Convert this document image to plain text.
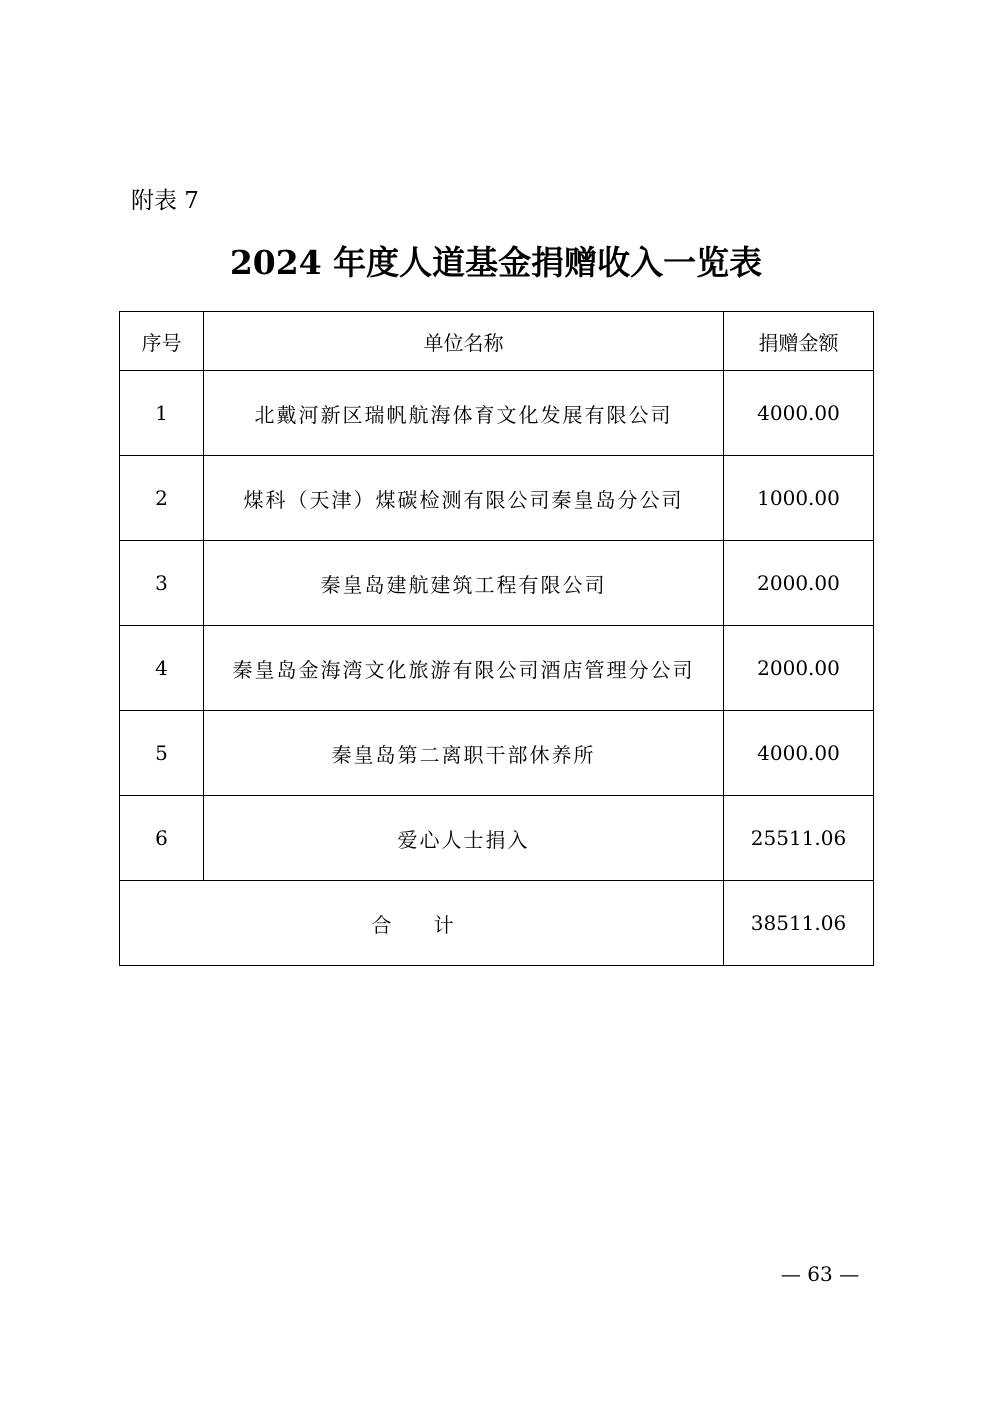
附表 7
2024 年度人道基金捐赠收入一览表
序号	单位名称	捐赠金额
1	北戴河新区瑞帆航海体育文化发展有限公司	4000.00
2	煤科（天津）煤碳检测有限公司秦皇岛分公司	1000.00
3	秦皇岛建航建筑工程有限公司	2000.00
4	秦皇岛金海湾文化旅游有限公司酒店管理分公司	2000.00
5	秦皇岛第二离职干部休养所	4000.00
6	爱心人士捐入	25511.06
合 计		38511.06
— 63 —
